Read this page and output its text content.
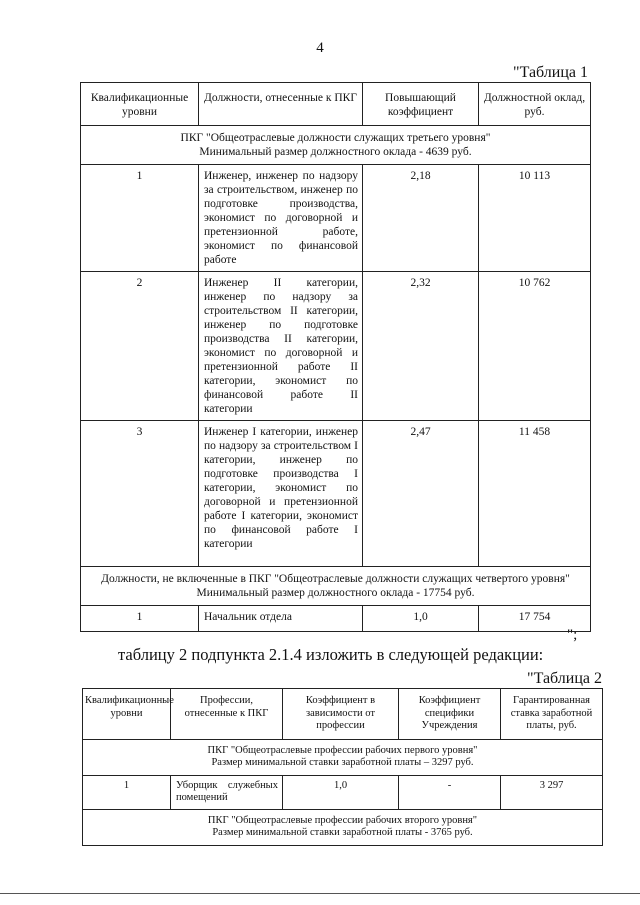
4
"Таблица 1
Квалификационные уровни	Должности, отнесенные к ПКГ	Повышающий коэффициент	Должностной оклад, руб.

ПКГ "Общеотраслевые должности служащих третьего уровня"
Минимальный размер должностного оклада - 4639 руб.			

1	Инженер, инженер по надзору за строительством, инженер по подготовке производства, экономист по договорной и претензионной работе, экономист по финансовой работе	2,18	10 113
2	Инженер II категории, инженер по надзору за строительством II категории, инженер по подготовке производства II категории, экономист по договорной и претензионной работе II категории, экономист по финансовой работе II категории	2,32	10 762
3	Инженер I категории, инженер по надзору за строительством I категории, инженер по подготовке производства I категории, экономист по договорной и претензионной работе I категории, экономист по финансовой работе I категории	2,47	11 458

Должности, не включенные в ПКГ "Общеотраслевые должности служащих четвертого уровня"
Минимальный размер должностного оклада - 17754 руб.			

1	Начальник отдела	1,0	17 754
";
таблицу 2 подпункта 2.1.4 изложить в следующей редакции:
"Таблица 2
Квалификационные уровни	Профессии, отнесенные к ПКГ	Коэффициент в зависимости от профессии	Коэффициент специфики Учреждения	Гарантированная ставка заработной платы, руб.

ПКГ "Общеотраслевые профессии рабочих первого уровня"
Размер минимальной ставки заработной платы – 3297 руб.				

1	Уборщик служебных помещений	1,0	-	3 297

ПКГ "Общеотраслевые профессии рабочих второго уровня"
Размер минимальной ставки заработной платы - 3765 руб.				
